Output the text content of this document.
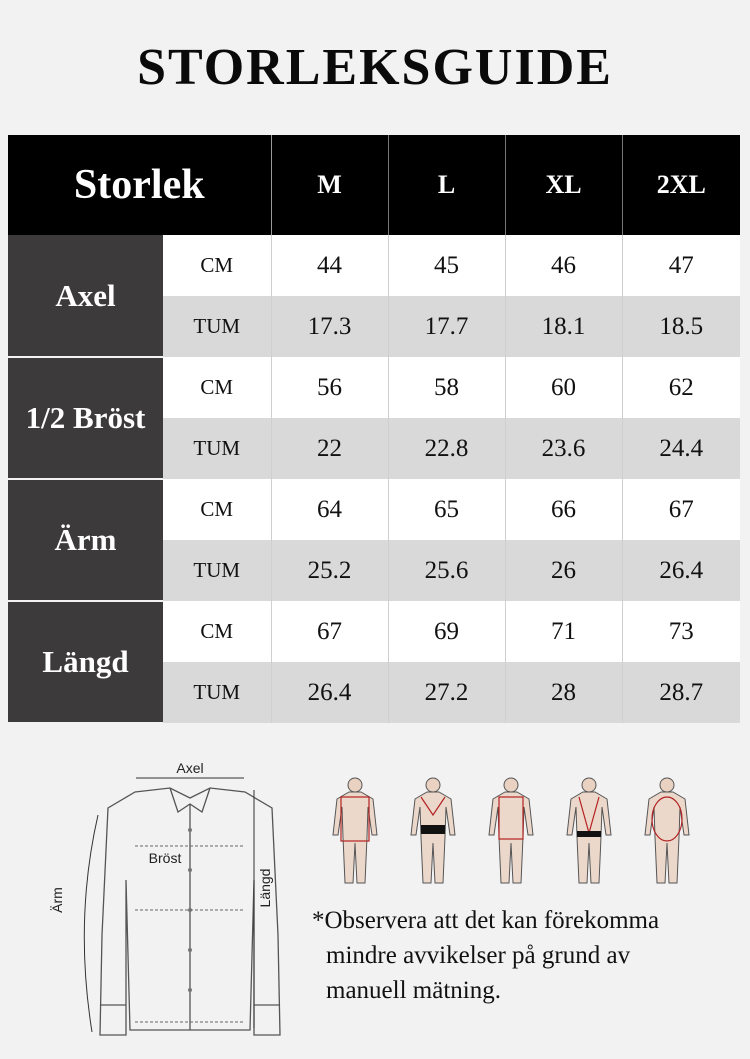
STORLEKSGUIDE
Storlek		M	L	XL	2XL
Axel	CM	44	45	46	47
	TUM	17.3	17.7	18.1	18.5
1/2 Bröst	CM	56	58	60	62
	TUM	22	22.8	23.6	24.4
Ärm	CM	64	65	66	67
	TUM	25.2	25.6	26	26.4
Längd	CM	67	69	71	73
	TUM	26.4	27.2	28	28.7
Axel
Bröst
Ärm	Längd
*Observera att det kan förekomma
mindre avvikelser på grund av
manuell mätning.
